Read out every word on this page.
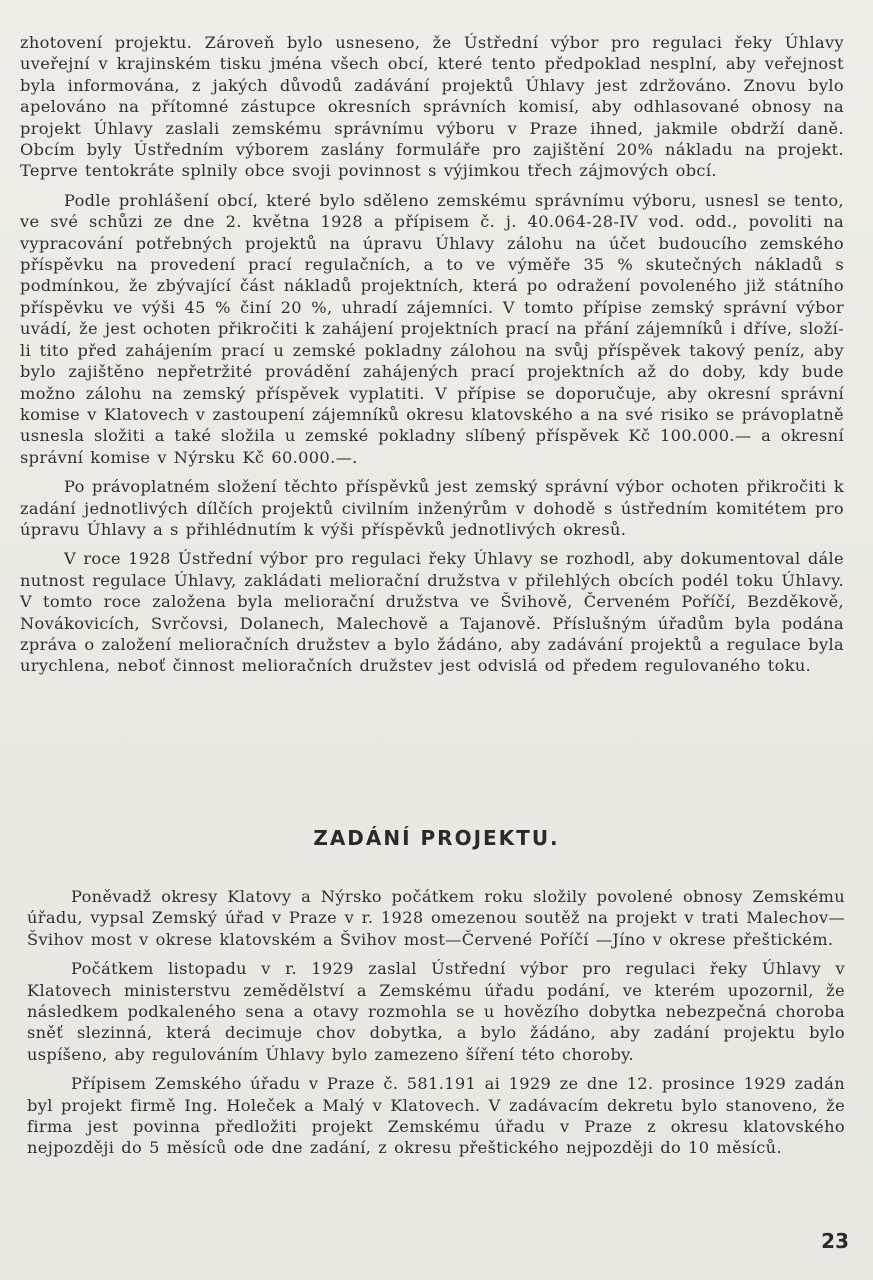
zhotovení projektu. Zároveň bylo usneseno, že Ústřední výbor pro regulaci řeky Úhlavy uveřejní v krajinském tisku jména všech obcí, které tento předpoklad nesplní, aby veřejnost byla informována, z jakých důvodů zadávání projektů Úhlavy jest zdržováno. Znovu bylo apelováno na přítomné zástupce okresních správních komisí, aby odhlasované obnosy na projekt Úhlavy zaslali zemskému správnímu výboru v Praze ihned, jakmile obdrží daně. Obcím byly Ústředním výborem zaslány formuláře pro zajištění 20% nákladu na projekt. Teprve tentokráte splnily obce svoji povinnost s výjimkou třech zájmových obcí.

Podle prohlášení obcí, které bylo sděleno zemskému správnímu výboru, usnesl se tento, ve své schůzi ze dne 2. května 1928 a přípisem č. j. 40.064-28-IV vod. odd., povoliti na vypracování potřebných projektů na úpravu Úhlavy zálohu na účet budoucího zemského příspěvku na provedení prací regulačních, a to ve výměře 35 % skutečných nákladů s podmínkou, že zbývající část nákladů projektních, která po odražení povoleného již státního příspěvku ve výši 45 % činí 20 %, uhradí zájemníci. V tomto přípise zemský správní výbor uvádí, že jest ochoten přikročiti k zahájení projektních prací na přání zájemníků i dříve, složí-li tito před zahájením prací u zemské pokladny zálohou na svůj příspěvek takový peníz, aby bylo zajištěno nepřetržité provádění zahájených prací projektních až do doby, kdy bude možno zálohu na zemský příspěvek vyplatiti. V přípise se doporučuje, aby okresní správní komise v Klatovech v zastoupení zájemníků okresu klatovského a na své risiko se právoplatně usnesla složiti a také složila u zemské pokladny slíbený příspěvek Kč 100.000.— a okresní správní komise v Nýrsku Kč 60.000.—.

Po právoplatném složení těchto příspěvků jest zemský správní výbor ochoten přikročiti k zadání jednotlivých dílčích projektů civilním inženýrům v dohodě s ústředním komitétem pro úpravu Úhlavy a s přihlédnutím k výši příspěvků jednotlivých okresů.

V roce 1928 Ústřední výbor pro regulaci řeky Úhlavy se rozhodl, aby dokumentoval dále nutnost regulace Úhlavy, zakládati meliorační družstva v přilehlých obcích podél toku Úhlavy. V tomto roce založena byla meliorační družstva ve Švihově, Červeném Poříčí, Bezděkově, Novákovicích, Svrčovsi, Dolanech, Malechově a Tajanově. Příslušným úřadům byla podána zpráva o založení melioračních družstev a bylo žádáno, aby zadávání projektů a regulace byla urychlena, neboť činnost melioračních družstev jest odvislá od předem regulovaného toku.

ZADÁNÍ PROJEKTU.

Poněvadž okresy Klatovy a Nýrsko počátkem roku složily povolené obnosy Zemskému úřadu, vypsal Zemský úřad v Praze v r. 1928 omezenou soutěž na projekt v trati Malechov—Švihov most v okrese klatovském a Švihov most—Červené Poříčí —Jíno v okrese přeštickém.

Počátkem listopadu v r. 1929 zaslal Ústřední výbor pro regulaci řeky Úhlavy v Klatovech ministerstvu zemědělství a Zemskému úřadu podání, ve kterém upozornil, že následkem podkaleného sena a otavy rozmohla se u hovězího dobytka nebezpečná choroba sněť slezinná, která decimuje chov dobytka, a bylo žádáno, aby zadání projektu bylo uspíšeno, aby regulováním Úhlavy bylo zamezeno šíření této choroby.

Přípisem Zemského úřadu v Praze č. 581.191 ai 1929 ze dne 12. prosince 1929 zadán byl projekt firmě Ing. Holeček a Malý v Klatovech. V zadávacím dekretu bylo stanoveno, že firma jest povinna předložiti projekt Zemskému úřadu v Praze z okresu klatovského nejpozději do 5 měsíců ode dne zadání, z okresu přeštického nejpozději do 10 měsíců.

23
